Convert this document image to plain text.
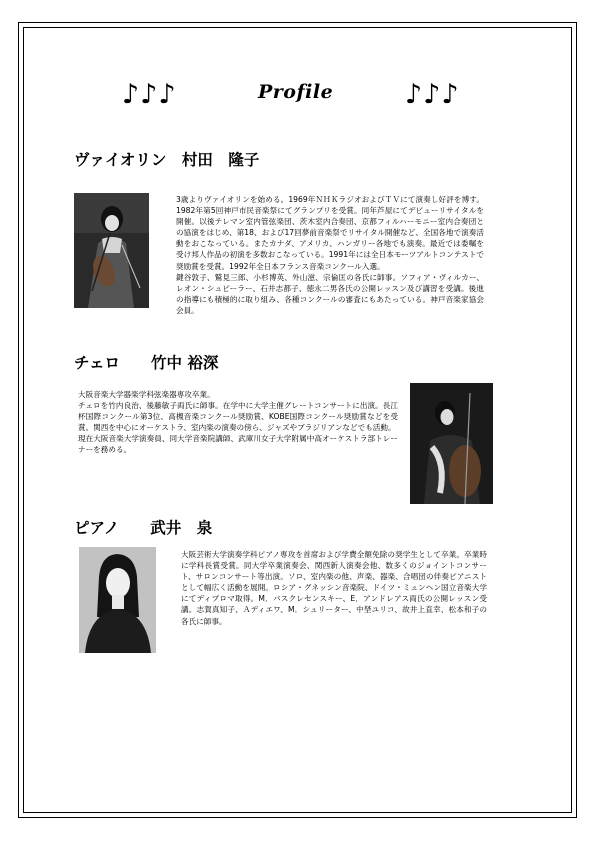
♪♪♪	Profile	♪♪♪
ヴァイオリン　村田　隆子

3歳よりヴァイオリンを始める。1969年ＮＨＫラジオおよびＴＶにて演奏し好評を博す。1982年第5回神戸市民音楽祭にてグランプリを受賞。同年芦屋にてデビューリサイタルを開催。以後テレマン室内管弦楽団、茨木室内合奏団、京都フィルハーモニー室内合奏団との協演をはじめ、第18、および17回夢前音楽祭でリサイタル開催など、全国各地で演奏活動をおこなっている。またカナダ、アメリカ、ハンガリー各地でも演奏。最近では委嘱を受け邦人作品の初演を多数おこなっている。1991年には全日本モーツアルトコンテストで奨励賞を受賞。1992年全日本フランス音楽コンクール入選。

鍵谷敦子、鷲見三郎、小杉博英、外山滋、宗倫匡の各氏に師事。ソフィア・ヴィルカー、レオン・シュピーラー、石井志都子、徳永二男各氏の公開レッスン及び講習を受講。後進の指導にも積極的に取り組み、各種コンクールの審査にもあたっている。神戸音楽家協会会員。

チェロ　　竹中 裕深

大阪音楽大学器楽学科弦楽器専攻卒業。

チェロを竹内良治、後藤敏子両氏に師事。在学中に大学主催グレートコンサートに出演。長江杯国際コンクール第3位、高槻音楽コンクール奨励賞、KOBE国際コンクール奨励賞などを受賞。関西を中心にオーケストラ、室内楽の演奏の傍ら、ジャズやブラジリアンなどでも活動。

現在大阪音楽大学演奏員、同大学音楽院講師、武庫川女子大学附属中高オーケストラ部トレーナーを務める。

ピアノ　　武井　泉

大阪芸術大学演奏学科ピアノ専攻を首席および学費全額免除の奨学生として卒業。卒業時に学科長賞受賞。同大学卒業演奏会、関西新人演奏会他、数多くのジョイントコンサート、サロンコンサート等出演。ソロ、室内楽の他、声楽、器楽、合唱団の伴奏ピアニストとして幅広く活動を展開。ロシア・グネッシン音楽院、ドイツ・ミュンヘン国立音楽大学にてディプロマ取得。M．バスクレセンスキー、E．アンドレアス両氏の公開レッスン受講。志賀真知子、Ａディエワ、M．シュリーター、中埜ユリコ、故井上直幸、松本和子の各氏に師事。
